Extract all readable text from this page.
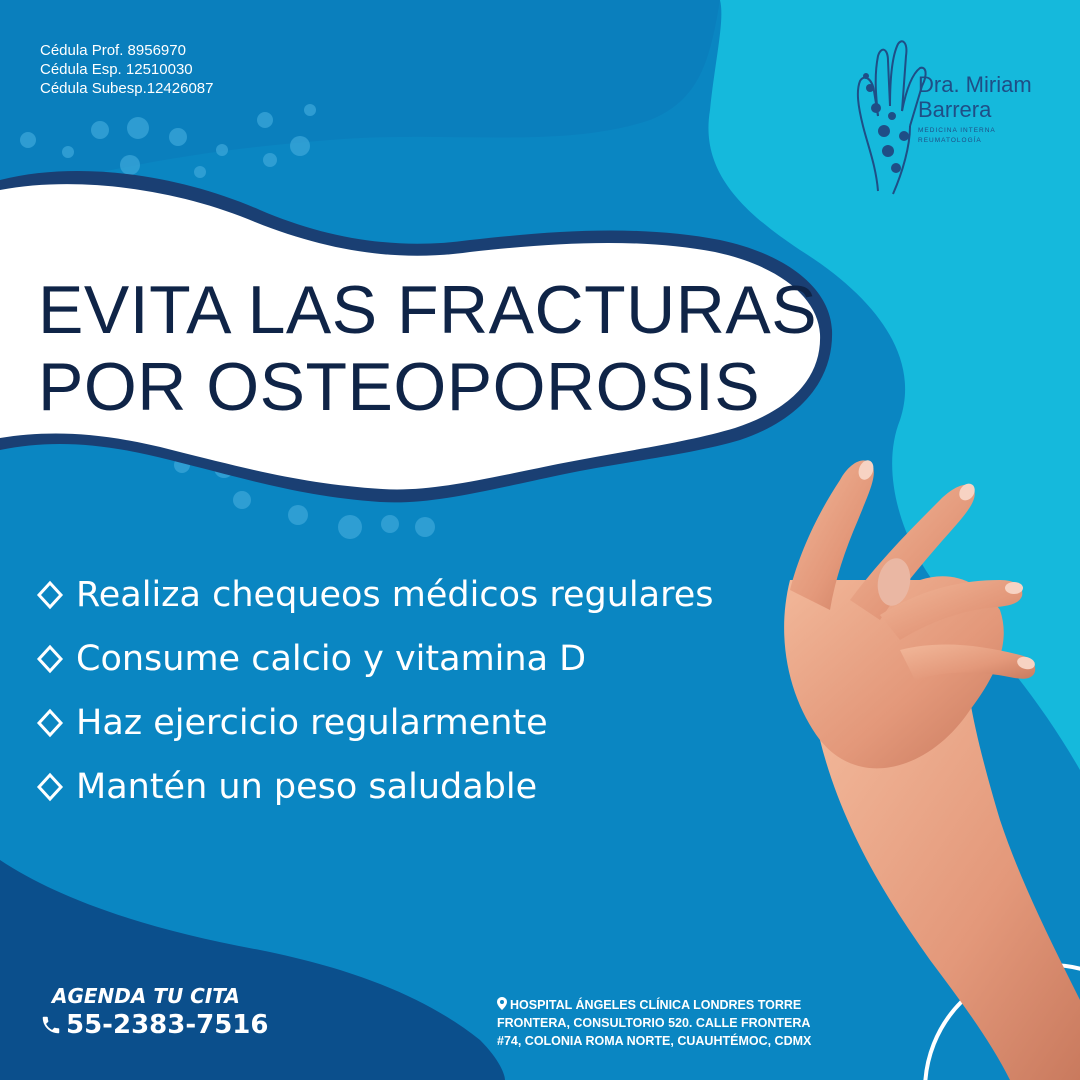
Cédula Prof. 8956970
Cédula Esp. 12510030
Cédula Subesp.12426087	Dra. Miriam
Barrera
MEDICINA INTERNA
REUMATOLOGÍA
EVITA LAS FRACTURAS
POR OSTEOPOROSIS
Realiza chequeos médicos regulares
Consume calcio y vitamina D
Haz ejercicio regularmente
Mantén un peso saludable
AGENDA TU CITA
55-2383-7516
HOSPITAL ÁNGELES CLÍNICA LONDRES TORRE
FRONTERA, CONSULTORIO 520. CALLE FRONTERA
#74, COLONIA ROMA NORTE, CUAUHTÉMOC, CDMX
